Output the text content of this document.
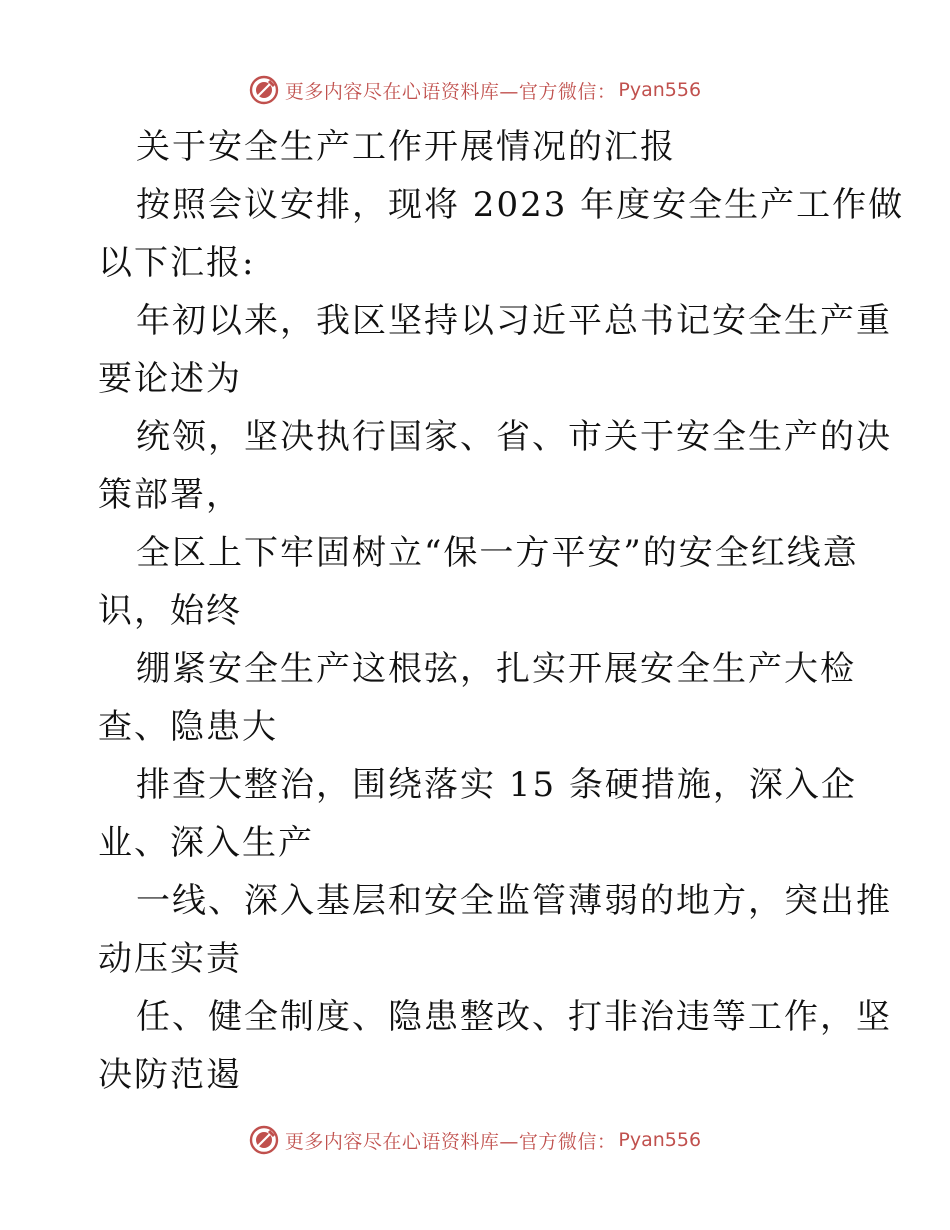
更多内容尽在心语资料库—官方微信： Pyan556

关于安全生产工作开展情况的汇报

按照会议安排，现将 2023 年度安全生产工作做

以下汇报:

年初以来，我区坚持以习近平总书记安全生产重

要论述为

统领，坚决执行国家、省、市关于安全生产的决

策部署，

全区上下牢固树立“保一方平安”的安全红线意

识，始终

绷紧安全生产这根弦，扎实开展安全生产大检

查、隐患大

排查大整治，围绕落实 15 条硬措施，深入企

业、深入生产

一线、深入基层和安全监管薄弱的地方，突出推

动压实责

任、健全制度、隐患整改、打非治违等工作，坚

决防范遏

更多内容尽在心语资料库—官方微信： Pyan556
